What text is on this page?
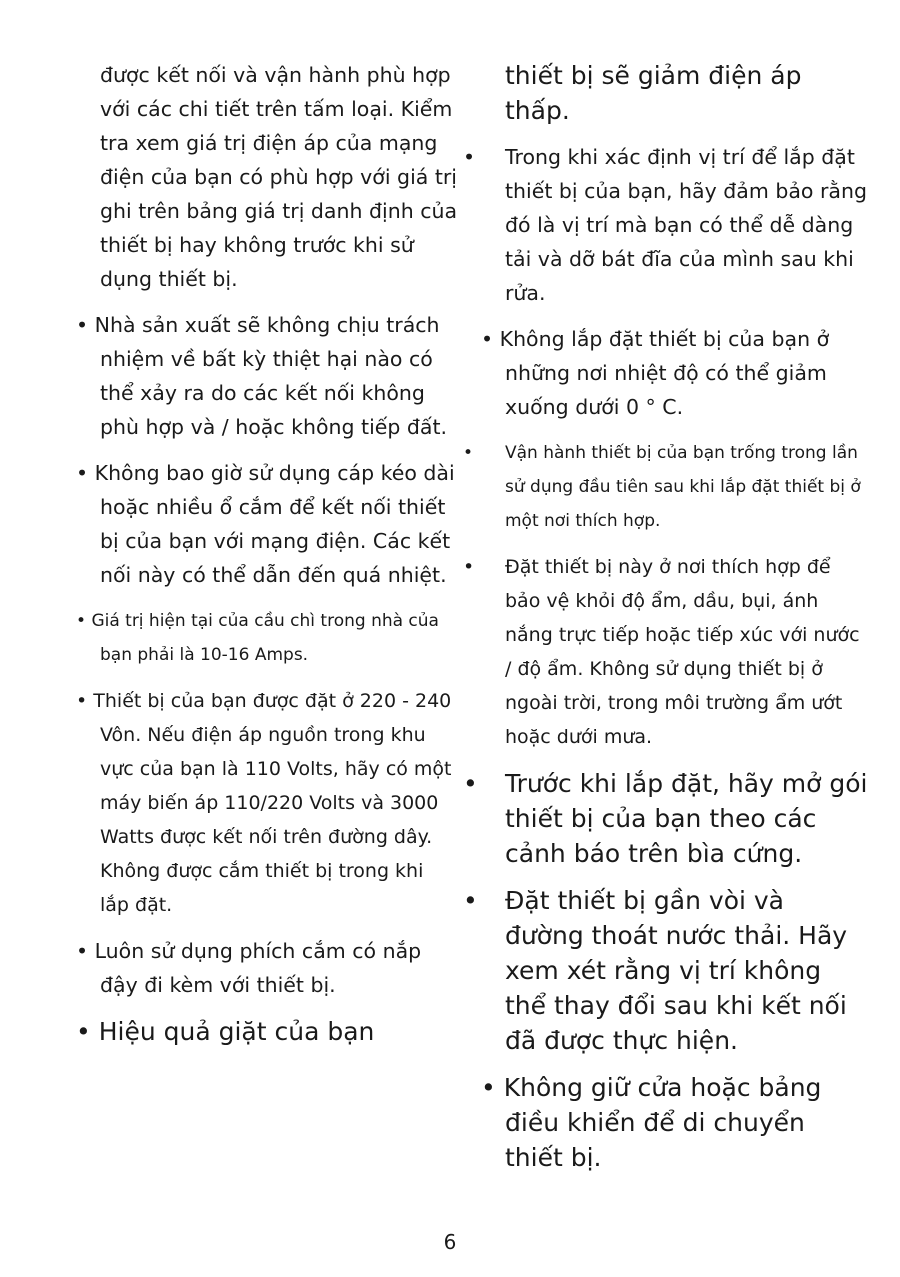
được kết nối và vận hành phù hợp với các chi tiết trên tấm loại. Kiểm tra xem giá trị điện áp của mạng điện của bạn có phù hợp với giá trị ghi trên bảng giá trị danh định của thiết bị hay không trước khi sử dụng thiết bị.
• Nhà sản xuất sẽ không chịu trách nhiệm về bất kỳ thiệt hại nào có thể xảy ra do các kết nối không phù hợp và / hoặc không tiếp đất.
• Không bao giờ sử dụng cáp kéo dài hoặc nhiều ổ cắm để kết nối thiết bị của bạn với mạng điện. Các kết nối này có thể dẫn đến quá nhiệt.
• Giá trị hiện tại của cầu chì trong nhà của bạn phải là 10-16 Amps.
• Thiết bị của bạn được đặt ở 220 - 240 Vôn. Nếu điện áp nguồn trong khu vực của bạn là 110 Volts, hãy có một máy biến áp 110/220 Volts và 3000 Watts được kết nối trên đường dây. Không được cắm thiết bị trong khi lắp đặt.
• Luôn sử dụng phích cắm có nắp đậy đi kèm với thiết bị.
• Hiệu quả giặt của bạn
thiết bị sẽ giảm điện áp thấp.
• Trong khi xác định vị trí để lắp đặt thiết bị của bạn, hãy đảm bảo rằng đó là vị trí mà bạn có thể dễ dàng tải và dỡ bát đĩa của mình sau khi rửa.
• Không lắp đặt thiết bị của bạn ở những nơi nhiệt độ có thể giảm xuống dưới 0 ° C.
• Vận hành thiết bị của bạn trống trong lần sử dụng đầu tiên sau khi lắp đặt thiết bị ở một nơi thích hợp.
• Đặt thiết bị này ở nơi thích hợp để bảo vệ khỏi độ ẩm, dầu, bụi, ánh nắng trực tiếp hoặc tiếp xúc với nước / độ ẩm. Không sử dụng thiết bị ở ngoài trời, trong môi trường ẩm ướt hoặc dưới mưa.
• Trước khi lắp đặt, hãy mở gói thiết bị của bạn theo các cảnh báo trên bìa cứng.
• Đặt thiết bị gần vòi và đường thoát nước thải. Hãy xem xét rằng vị trí không thể thay đổi sau khi kết nối đã được thực hiện.
• Không giữ cửa hoặc bảng điều khiển để di chuyển thiết bị.
6
